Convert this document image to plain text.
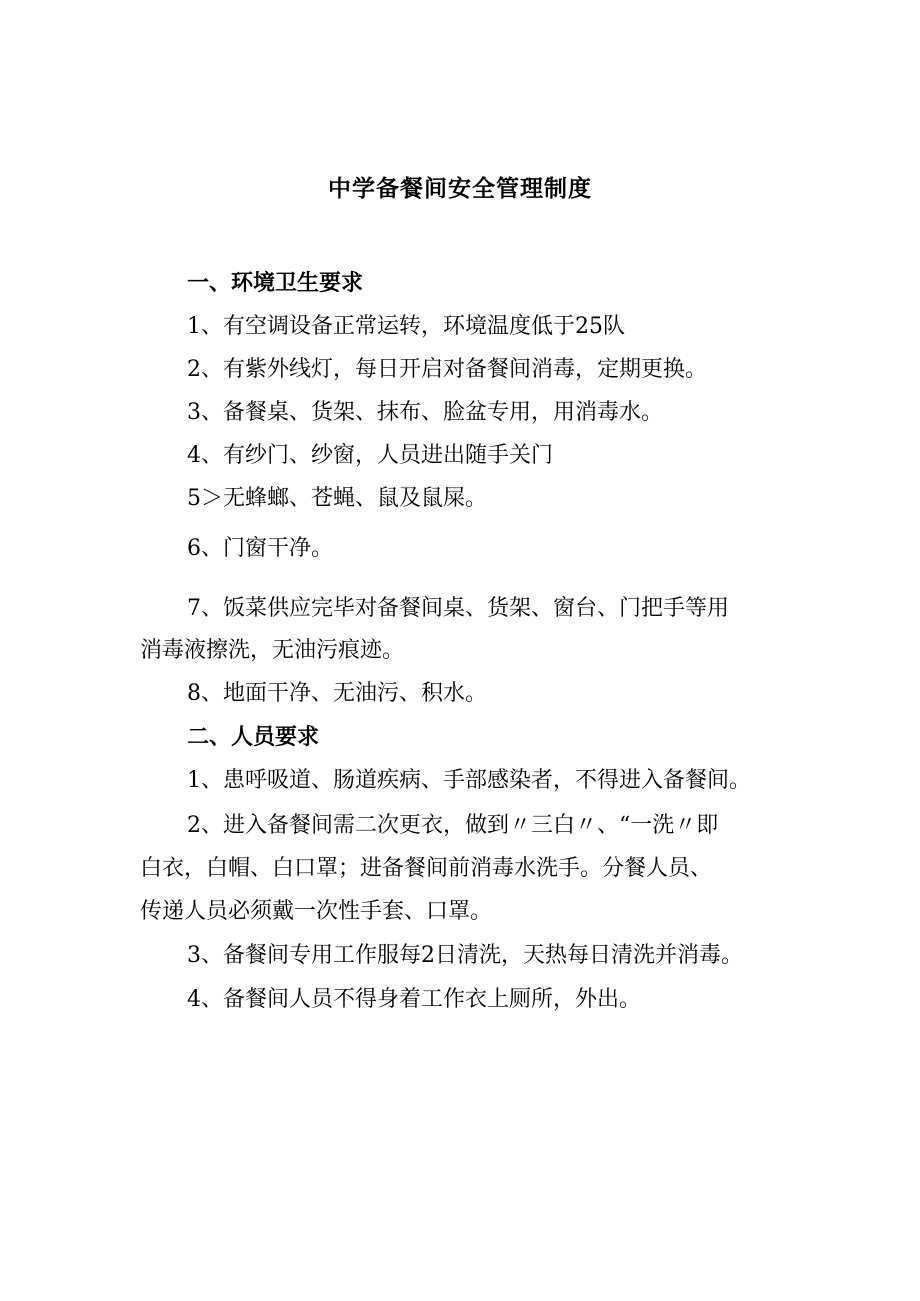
中学备餐间安全管理制度
一、环境卫生要求
1、有空调设备正常运转，环境温度低于25队
2、有紫外线灯，每日开启对备餐间消毒，定期更换。
3、备餐桌、货架、抹布、脸盆专用，用消毒水。
4、有纱门、纱窗，人员进出随手关门
5＞无蜂螂、苍蝇、鼠及鼠屎。
6、门窗干净。
7、饭菜供应完毕对备餐间桌、货架、窗台、门把手等用
消毒液擦洗，无油污痕迹。
8、地面干净、无油污、积水。
二、人员要求
1、患呼吸道、肠道疾病、手部感染者，不得进入备餐间。
2、进入备餐间需二次更衣，做到〃三白〃、“一洗〃即
白衣，白帽、白口罩；进备餐间前消毒水洗手。分餐人员、
传递人员必须戴一次性手套、口罩。
3、备餐间专用工作服每2日清洗，天热每日清洗并消毒。
4、备餐间人员不得身着工作衣上厕所，外出。
